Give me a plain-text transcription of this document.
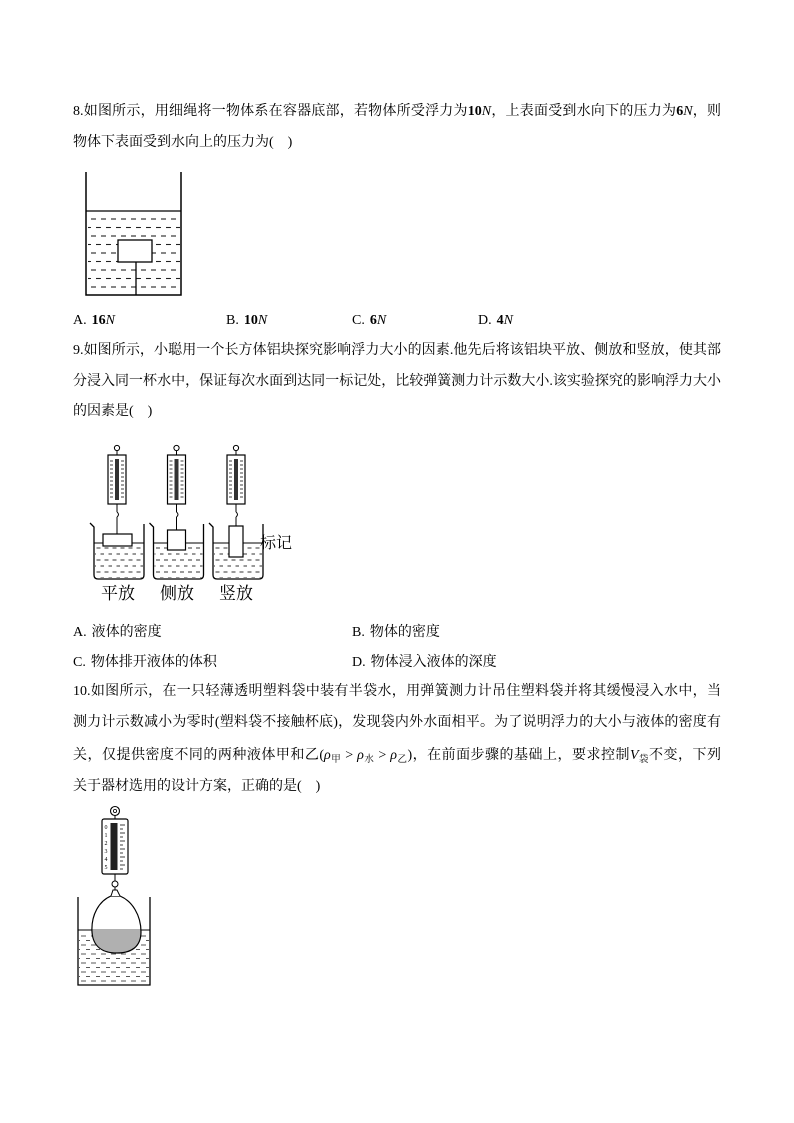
8.如图所示，用细绳将一物体系在容器底部，若物体所受浮力为10N，上表面受到水向下的压力为6N，则
物体下表面受到水向上的压力为(    )
A. 16N	B. 10N	C. 6N	D. 4N
9.如图所示，小聪用一个长方体铝块探究影响浮力大小的因素.他先后将该铝块平放、侧放和竖放，使其部
分浸入同一杯水中，保证每次水面到达同一标记处，比较弹簧测力计示数大小.该实验探究的影响浮力大小
的因素是(    )
标记
平放 侧放 竖放
A. 液体的密度	B. 物体的密度
C. 物体排开液体的体积	D. 物体浸入液体的深度
10.如图所示，在一只轻薄透明塑料袋中装有半袋水，用弹簧测力计吊住塑料袋并将其缓慢浸入水中，当
测力计示数减小为零时(塑料袋不接触杯底)，发现袋内外水面相平。为了说明浮力的大小与液体的密度有
关，仅提供密度不同的两种液体甲和乙$(\rho_甲 > \rho_水 > \rho_乙)$，在前面步骤的基础上，要求控制$V_袋$不变，下列
关于器材选用的设计方案，正确的是(    )
0
1
2
3
4
5
